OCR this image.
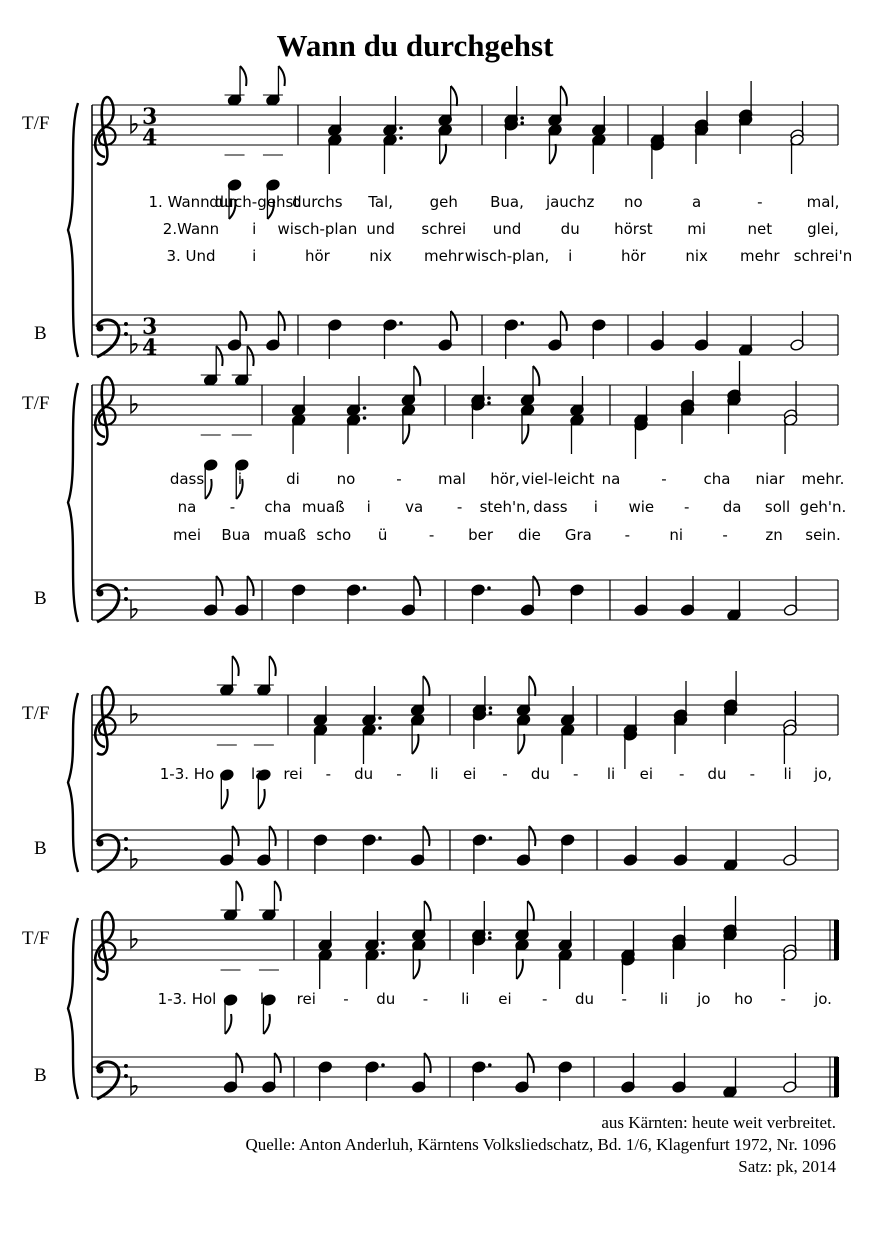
Wann du durchgehst
3
4
3
4
T/F
B
T/F
B
T/F
B
T/F
B
1. Wann du
durch-gehst
durchs Tal, geh Bua, jauchz no	a	-	mal,
2.Wann i wisch-plan und schrei und	du hörst mi	net glei,
3. Und i	hör	nix mehr wisch-plan, i	hör	nix mehr schrei'n
dass i	di no	- mal hör, viel-leicht na	- cha niar mehr.
na - cha muaß i va - steh'n, dass i wie - da soll geh'n.
mei Bua muaß scho ü	- ber die Gra -	ni	-	zn sein.
1-3. Ho - la rei - du - li ei - du - li ei - du - li jo,
1-3. Hol - la rei - du - li ei - du - li jo ho - jo.
aus Kärnten: heute weit verbreitet.
Quelle: Anton Anderluh, Kärntens Volksliedschatz, Bd. 1/6, Klagenfurt 1972, Nr. 1096
Satz: pk, 2014
